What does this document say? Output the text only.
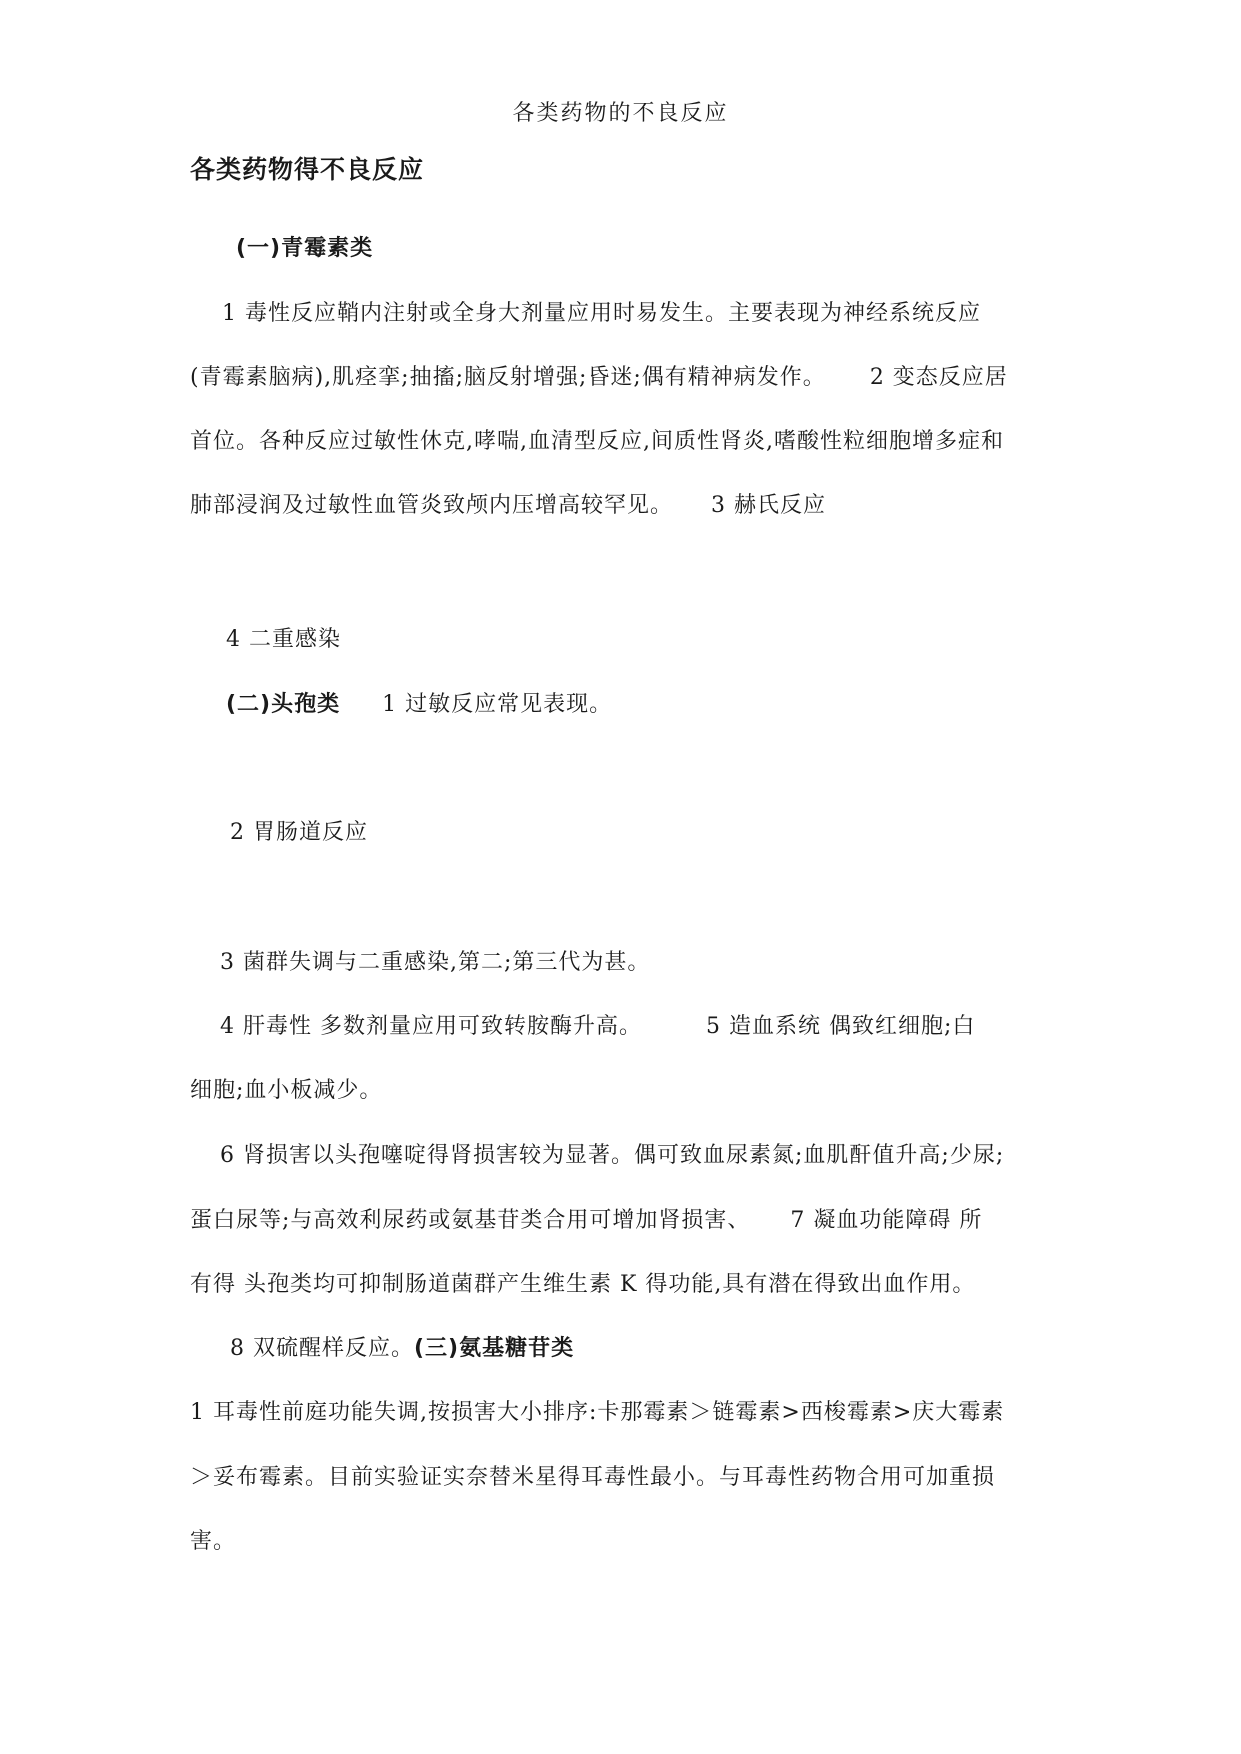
各类药物的不良反应
各类药物得不良反应
(一)青霉素类
1 毒性反应鞘内注射或全身大剂量应用时易发生。主要表现为神经系统反应
(青霉素脑病),肌痉挛;抽搐;脑反射增强;昏迷;偶有精神病发作。 2 变态反应居
首位。各种反应过敏性休克,哮喘,血清型反应,间质性肾炎,嗜酸性粒细胞增多症和
肺部浸润及过敏性血管炎致颅内压增高较罕见。 3 赫氏反应
4 二重感染
(二)头孢类 1 过敏反应常见表现。
2 胃肠道反应
3 菌群失调与二重感染,第二;第三代为甚。
4 肝毒性 多数剂量应用可致转胺酶升高。	5 造血系统 偶致红细胞;白
细胞;血小板减少。
6 肾损害以头孢噻啶得肾损害较为显著。偶可致血尿素氮;血肌酐值升高;少尿;
蛋白尿等;与高效利尿药或氨基苷类合用可增加肾损害、 7 凝血功能障碍 所
有得 头孢类均可抑制肠道菌群产生维生素 K 得功能,具有潜在得致出血作用。
8 双硫醒样反应。(三)氨基糖苷类
1 耳毒性前庭功能失调,按损害大小排序:卡那霉素＞链霉素>西梭霉素>庆大霉素
＞妥布霉素。目前实验证实奈替米星得耳毒性最小。与耳毒性药物合用可加重损
害。
